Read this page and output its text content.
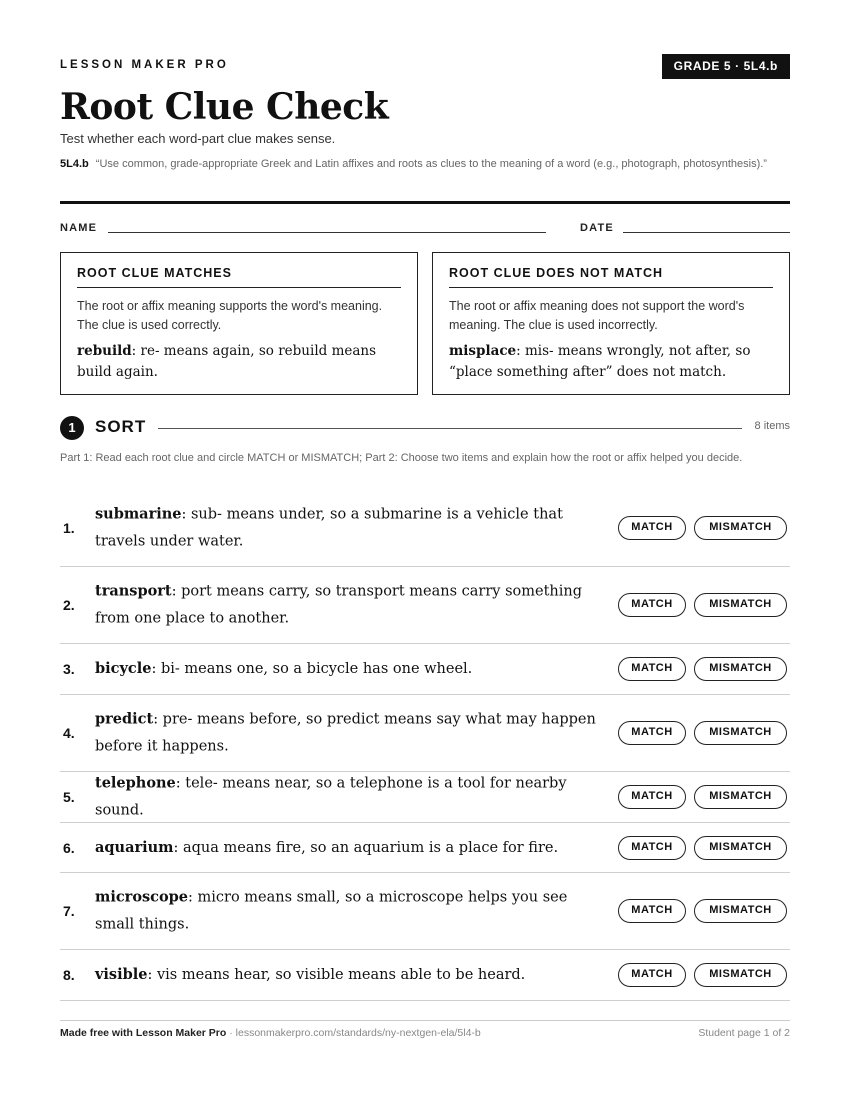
LESSON MAKER PRO	GRADE 5 · 5L4.b
Root Clue Check
Test whether each word-part clue makes sense.
5L4.b “Use common, grade-appropriate Greek and Latin affixes and roots as clues to the meaning of a word (e.g., photograph, photosynthesis).”
NAME	DATE
ROOT CLUE MATCHES
The root or affix meaning supports the word's meaning. The clue is used correctly.
rebuild: re- means again, so rebuild means build again.
ROOT CLUE DOES NOT MATCH
The root or affix meaning does not support the word's meaning. The clue is used incorrectly.
misplace: mis- means wrongly, not after, so “place something after” does not match.
1	SORT	8 items
Part 1: Read each root clue and circle MATCH or MISMATCH; Part 2: Choose two items and explain how the root or affix helped you decide.
1.
submarine: sub- means under, so a submarine is a vehicle that travels under water.
MATCH	MISMATCH
2.
transport: port means carry, so transport means carry something from one place to another.
MATCH	MISMATCH
3. bicycle: bi- means one, so a bicycle has one wheel.	MATCH	MISMATCH
4.
predict: pre- means before, so predict means say what may happen before it happens.
MATCH	MISMATCH
5.
telephone: tele- means near, so a telephone is a tool for nearby sound.
MATCH	MISMATCH
6. aquarium: aqua means fire, so an aquarium is a place for fire.	MATCH	MISMATCH
7.
microscope: micro means small, so a microscope helps you see small things.
MATCH	MISMATCH
8. visible: vis means hear, so visible means able to be heard.	MATCH	MISMATCH
Made free with Lesson Maker Pro · lessonmakerpro.com/standards/ny-nextgen-ela/5l4-b	Student page 1 of 2
